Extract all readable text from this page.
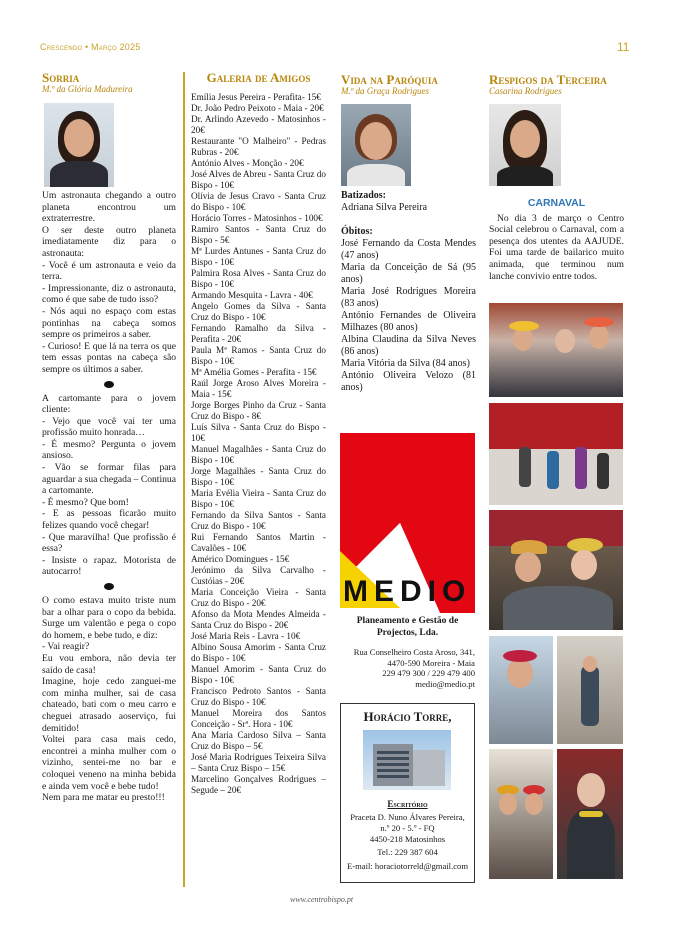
Crescendo • Março 2025	11
Sorria
M.ª da Glória Madureira

Um astronauta chegando a outro planeta encontrou um extraterrestre.

O ser deste outro planeta imediatamente diz para o astronauta:

- Você é um astronauta e veio da terra.

- Impressionante, diz o astronauta, como é que sabe de tudo isso?

- Nós aqui no espaço com estas pontinhas na cabeça somos sempre os primeiros a saber.

- Curioso! E que lá na terra os que tem essas pontas na cabeça são sempre os últimos a saber.

A cartomante para o jovem cliente:

- Vejo que você vai ter uma profissão muito honrada…

- É mesmo? Pergunta o jovem ansioso.

- Vão se formar filas para aguardar a sua chegada – Continua a cartomante.

- É mesmo? Que bom!

- E as pessoas ficarão muito felizes quando você chegar!

- Que maravilha! Que profissão é essa?

- Insiste o rapaz. Motorista de autocarro!

O como estava muito triste num bar a olhar para o copo da bebida. Surge um valentão e pega o copo do homem, e bebe tudo, e diz:

- Vai reagir?

Eu vou embora, não devia ter saído de casa!

Imagine, hoje cedo zanguei-me com minha mulher, sai de casa chateado, bati com o meu carro e cheguei atrasado aoserviço, fui demitido!

Voltei para casa mais cedo, encontrei a minha mulher com o vizinho, sentei-me no bar e coloquei veneno na minha bebida e ainda vem você e bebe tudo!

Nem para me matar eu presto!!!

Galeria de Amigos

Emília Jesus Pereira - Perafita- 15€

Dr. João Pedro Peixoto - Maia - 20€

Dr. Arlindo Azevedo - Matosinhos - 20€

Restaurante "O Malheiro" - Pedras Rubras - 20€

António Alves - Monção - 20€

José Alves de Abreu - Santa Cruz do Bispo - 10€

Olívia de Jesus Cravo - Santa Cruz do Bispo - 10€

Horácio Torres - Matosinhos - 100€

Ramiro Santos - Santa Cruz do Bispo - 5€

Mª Lurdes Antunes - Santa Cruz do Bispo - 10€

Palmira Rosa Alves - Santa Cruz do Bispo - 10€

Armando Mesquita - Lavra - 40€

Angelo Gomes da Silva - Santa Cruz do Bispo - 10€

Fernando Ramalho da Silva - Perafita - 20€

Paula Mª Ramos - Santa Cruz do Bispo - 10€

Mª Amélia Gomes - Perafita - 15€

Raúl Jorge Aroso Alves Moreira - Maia - 15€

Jorge Borges Pinho da Cruz - Santa Cruz do Bispo - 8€

Luís Silva - Santa Cruz do Bispo - 10€

Manuel Magalhães - Santa Cruz do Bispo - 10€

Jorge Magalhães - Santa Cruz do Bispo - 10€

Maria Evélia Vieira - Santa Cruz do Bispo - 10€

Fernando da Silva Santos - Santa Cruz do Bispo - 10€

Rui Fernando Santos Martin - Cavalões - 10€

Américo Domingues - 15€

Jerónimo da Silva Carvalho - Custóias - 20€

Maria Conceição Vieira - Santa Cruz do Bispo - 20€

Afonso da Mota Mendes Almeida - Santa Cruz do Bispo - 20€

José Maria Reis - Lavra - 10€

Albino Sousa Amorim - Santa Cruz do Bispo - 10€

Manuel Amorim - Santa Cruz do Bispo - 10€

Francisco Pedroto Santos - Santa Cruz do Bispo - 10€

Manuel Moreira dos Santos Conceição - Srª. Hora - 10€

Ana Maria Cardoso Silva – Santa Cruz do Bispo – 5€

José Maria Rodrigues Teixeira Silva – Santa Cruz Bispo – 15€

Marcelino Gonçalves Rodrigues – Segude – 20€

Vida na Paróquia
M.ª da Graça Rodrigues

Batizados:

Adriana Silva Pereira

Óbitos:

José Fernando da Costa Mendes (47 anos)

Maria da Conceição de Sá (95 anos)

Maria José Rodrigues Moreira (83 anos)

António Fernandes de Oliveira Milhazes (80 anos)

Albina Claudina da Silva Neves (86 anos)

Maria Vitória da Silva (84 anos)

António Oliveira Velozo (81 anos)

MEDIO
Planeamento e Gestão de Projectos, Lda.
Rua Conselheiro Costa Aroso, 341, 4470-590 Moreira - Maia
229 479 300 / 229 479 400
medio@medio.pt
Horácio Torre,
Escritório
Praceta D. Nuno Álvares Pereira, n.º 20 - 5.º - FQ
4450-218 Matosinhos
Tel.: 229 387 604
E-mail: horaciotorreld@gmail.com
Respigos da Terceira
Casarina Rodrigues
CARNAVAL

No dia 3 de março o Centro Social celebrou o Carnaval, com a pesença dos utentes da AAJUDE. Foi uma tarde de bailarico muito animada, que terminou num lanche convivio entre todos.

www.centrobispo.pt
